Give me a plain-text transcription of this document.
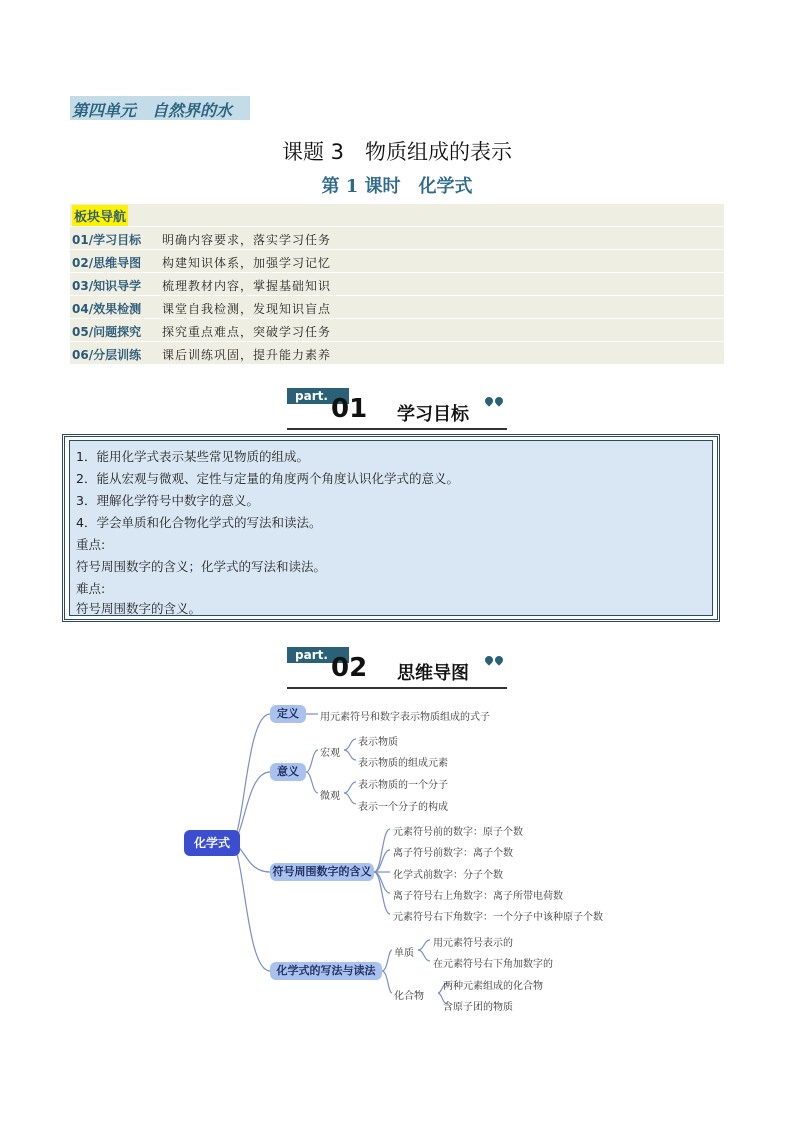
第四单元　自然界的水
课题 3　物质组成的表示
第 1 课时　化学式
板块导航
01/学习目标 明确内容要求，落实学习任务
02/思维导图 构建知识体系，加强学习记忆
03/知识导学 梳理教材内容，掌握基础知识
04/效果检测 课堂自我检测，发现知识盲点
05/问题探究 探究重点难点，突破学习任务
06/分层训练 课后训练巩固，提升能力素养
part. 01 学习目标
1．能用化学式表示某些常见物质的组成。
2．能从宏观与微观、定性与定量的角度两个角度认识化学式的意义。
3．理解化学符号中数字的意义。
4．学会单质和化合物化学式的写法和读法。
重点:
符号周围数字的含义；化学式的写法和读法。
难点:
符号周围数字的含义。
part. 02 思维导图
化学式
定义	用元素符号和数字表示物质组成的式子
意义
宏观
表示物质
表示物质的组成元素
微观
表示物质的一个分子
表示一个分子的构成
符号周围数字的含义
元素符号前的数字：原子个数
离子符号前数字：离子个数
化学式前数字：分子个数
离子符号右上角数字：离子所带电荷数
元素符号右下角数字：一个分子中该种原子个数
化学式的写法与读法
单质
用元素符号表示的
在元素符号右下角加数字的
化合物
两种元素组成的化合物
含原子团的物质
